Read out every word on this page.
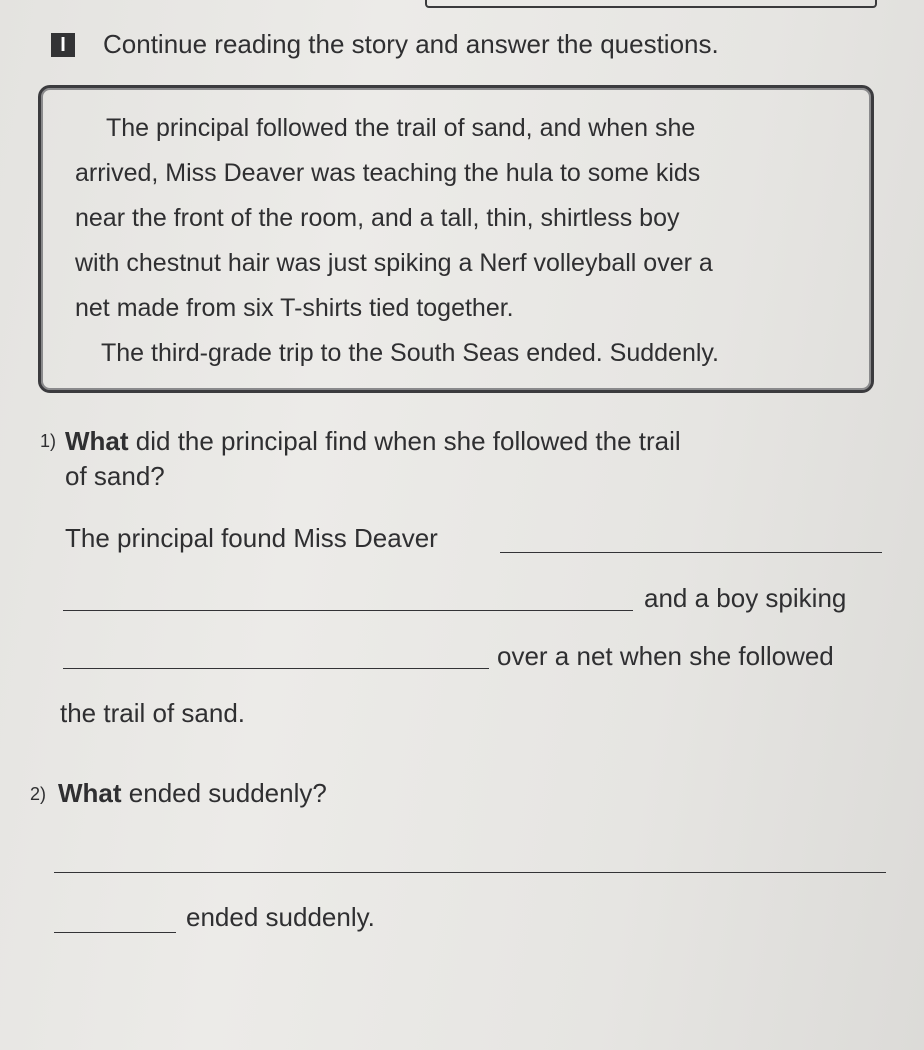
I	Continue reading the story and answer the questions.
The principal followed the trail of sand, and when she
arrived, Miss Deaver was teaching the hula to some kids
near the front of the room, and a tall, thin, shirtless boy
with chestnut hair was just spiking a Nerf volleyball over a
net made from six T-shirts tied together.
The third-grade trip to the South Seas ended. Suddenly.
1) What did the principal find when she followed the trail
of sand?
The principal found Miss Deaver
and a boy spiking
over a net when she followed
the trail of sand.
2) What ended suddenly?
ended suddenly.
